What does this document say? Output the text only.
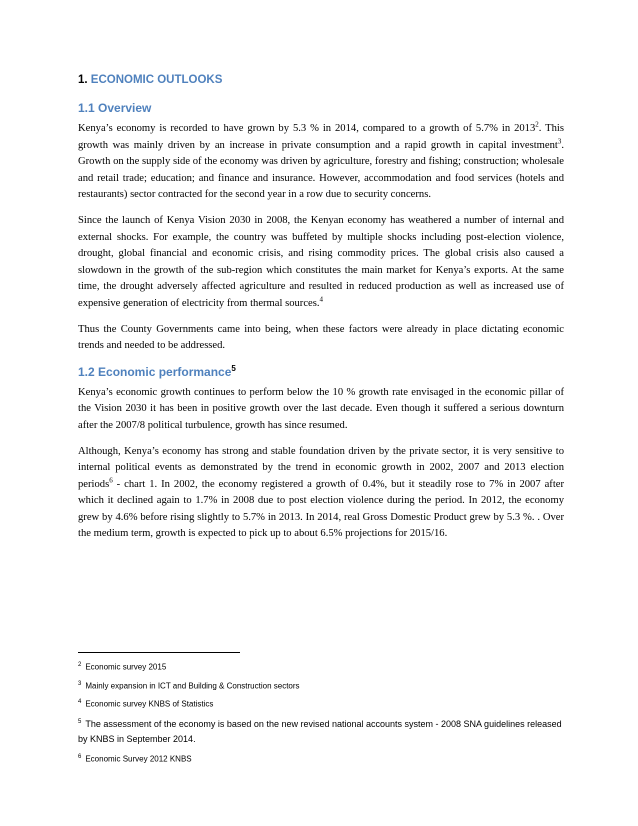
1. ECONOMIC OUTLOOKS
1.1 Overview

Kenya’s economy is recorded to have grown by 5.3 % in 2014, compared to a growth of 5.7% in 2013$^2$. This growth was mainly driven by an increase in private consumption and a rapid growth in capital investment$^3$. Growth on the supply side of the economy was driven by agriculture, forestry and fishing; construction; wholesale and retail trade; education; and finance and insurance. However, accommodation and food services (hotels and restaurants) sector contracted for the second year in a row due to security concerns.

Since the launch of Kenya Vision 2030 in 2008, the Kenyan economy has weathered a number of internal and external shocks. For example, the country was buffeted by multiple shocks including post-election violence, drought, global financial and economic crisis, and rising commodity prices. The global crisis also caused a slowdown in the growth of the sub-region which constitutes the main market for Kenya’s exports. At the same time, the drought adversely affected agriculture and resulted in reduced production as well as increased use of expensive generation of electricity from thermal sources.$^4$

Thus the County Governments came into being, when these factors were already in place dictating economic trends and needed to be addressed.

1.2 Economic performance$^5$

Kenya’s economic growth continues to perform below the 10 % growth rate envisaged in the economic pillar of the Vision 2030 it has been in positive growth over the last decade. Even though it suffered a serious downturn after the 2007/8 political turbulence, growth has since resumed.

Although, Kenya’s economy has strong and stable foundation driven by the private sector, it is very sensitive to internal political events as demonstrated by the trend in economic growth in 2002, 2007 and 2013 election periods$^6$ - chart 1. In 2002, the economy registered a growth of 0.4%, but it steadily rose to 7% in 2007 after which it declined again to 1.7% in 2008 due to post election violence during the period. In 2012, the economy grew by 4.6% before rising slightly to 5.7% in 2013. In 2014, real Gross Domestic Product grew by 5.3 %. . Over the medium term, growth is expected to pick up to about 6.5% projections for 2015/16.

$^2$ Economic survey 2015
$^3$ Mainly expansion in ICT and Building & Construction sectors
$^4$ Economic survey KNBS of Statistics
$^5$ The assessment of the economy is based on the new revised national accounts system - 2008 SNA guidelines released by KNBS in September 2014.
$^6$ Economic Survey 2012 KNBS
